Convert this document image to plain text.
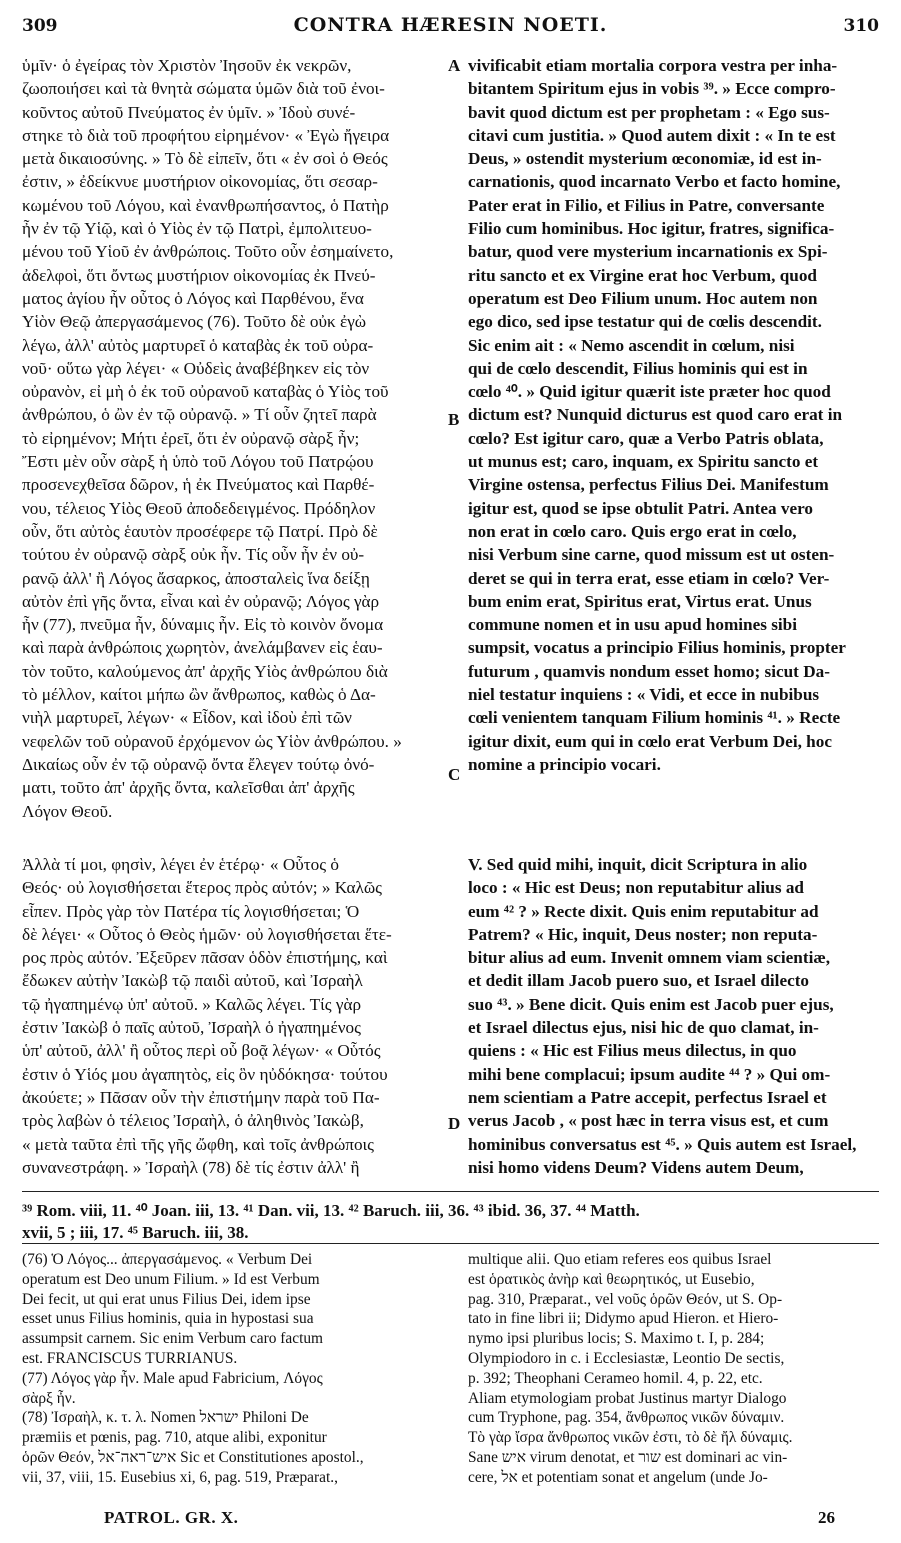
309	CONTRA HÆRESIN NOETI.	310
ὑμῖν· ὁ ἐγείρας τὸν Χριστὸν Ἰησοῦν ἐκ νεκρῶν,
ζωοποιήσει καὶ τὰ θνητὰ σώματα ὑμῶν διὰ τοῦ ἐνοι-
κοῦντος αὐτοῦ Πνεύματος ἐν ὑμῖν. » Ἰδοὺ συνέ-
στηκε τὸ διὰ τοῦ προφήτου εἰρημένον· « Ἐγὼ ἤγειρα
μετὰ δικαιοσύνης. » Τὸ δὲ εἰπεῖν, ὅτι « ἐν σοὶ ὁ Θεός
ἐστιν, » ἐδείκνυε μυστήριον οἰκονομίας, ὅτι σεσαρ-
κωμένου τοῦ Λόγου, καὶ ἐνανθρωπήσαντος, ὁ Πατὴρ
ἦν ἐν τῷ Υἱῷ, καὶ ὁ Υἱὸς ἐν τῷ Πατρὶ, ἐμπολιτευο-
μένου τοῦ Υἱοῦ ἐν ἀνθρώποις. Τοῦτο οὖν ἐσημαίνετο,
ἀδελφοὶ, ὅτι ὄντως μυστήριον οἰκονομίας ἐκ Πνεύ-
ματος ἁγίου ἦν οὗτος ὁ Λόγος καὶ Παρθένου, ἕνα
Υἱὸν Θεῷ ἀπεργασάμενος (76). Τοῦτο δὲ οὐκ ἐγὼ
λέγω, ἀλλ' αὐτὸς μαρτυρεῖ ὁ καταβὰς ἐκ τοῦ οὐρα-
νοῦ· οὕτω γὰρ λέγει· « Οὐδεὶς ἀναβέβηκεν εἰς τὸν
οὐρανὸν, εἰ μὴ ὁ ἐκ τοῦ οὐρανοῦ καταβὰς ὁ Υἱὸς τοῦ
ἀνθρώπου, ὁ ὢν ἐν τῷ οὐρανῷ. » Τί οὖν ζητεῖ παρὰ
τὸ εἰρημένον; Μήτι ἐρεῖ, ὅτι ἐν οὐρανῷ σὰρξ ἦν;
Ἔστι μὲν οὖν σὰρξ ἡ ὑπὸ τοῦ Λόγου τοῦ Πατρῴου
προσενεχθεῖσα δῶρον, ἡ ἐκ Πνεύματος καὶ Παρθέ-
νου, τέλειος Υἱὸς Θεοῦ ἀποδεδειγμένος. Πρόδηλον
οὖν, ὅτι αὐτὸς ἑαυτὸν προσέφερε τῷ Πατρί. Πρὸ δὲ
τούτου ἐν οὐρανῷ σὰρξ οὐκ ἦν. Τίς οὖν ἦν ἐν οὐ-
ρανῷ ἀλλ' ἢ Λόγος ἄσαρκος, ἀποσταλεὶς ἵνα δείξῃ
αὐτὸν ἐπὶ γῆς ὄντα, εἶναι καὶ ἐν οὐρανῷ; Λόγος γὰρ
ἦν (77), πνεῦμα ἦν, δύναμις ἦν. Εἰς τὸ κοινὸν ὄνομα
καὶ παρὰ ἀνθρώποις χωρητὸν, ἀνελάμβανεν εἰς ἑαυ-
τὸν τοῦτο, καλούμενος ἀπ' ἀρχῆς Υἱὸς ἀνθρώπου διὰ
τὸ μέλλον, καίτοι μήπω ὢν ἄνθρωπος, καθὼς ὁ Δα-
νιὴλ μαρτυρεῖ, λέγων· « Εἶδον, καὶ ἰδοὺ ἐπὶ τῶν
νεφελῶν τοῦ οὐρανοῦ ἐρχόμενον ὡς Υἱὸν ἀνθρώπου. »
Δικαίως οὖν ἐν τῷ οὐρανῷ ὄντα ἔλεγεν τούτῳ ὀνό-
ματι, τοῦτο ἀπ' ἀρχῆς ὄντα, καλεῖσθαι ἀπ' ἀρχῆς
Λόγον Θεοῦ.
vivificabit etiam mortalia corpora vestra per inha-
bitantem Spiritum ejus in vobis ³⁹. » Ecce compro-
bavit quod dictum est per prophetam : « Ego sus-
citavi cum justitia. » Quod autem dixit : « In te est
Deus, » ostendit mysterium œconomiæ, id est in-
carnationis, quod incarnato Verbo et facto homine,
Pater erat in Filio, et Filius in Patre, conversante
Filio cum hominibus. Hoc igitur, fratres, significa-
batur, quod vere mysterium incarnationis ex Spi-
ritu sancto et ex Virgine erat hoc Verbum, quod
operatum est Deo Filium unum. Hoc autem non
ego dico, sed ipse testatur qui de cœlis descendit.
Sic enim ait : « Nemo ascendit in cœlum, nisi
qui de cœlo descendit, Filius hominis qui est in
cœlo ⁴⁰. » Quid igitur quærit iste præter hoc quod
dictum est? Nunquid dicturus est quod caro erat in
cœlo? Est igitur caro, quæ a Verbo Patris oblata,
ut munus est; caro, inquam, ex Spiritu sancto et
Virgine ostensa, perfectus Filius Dei. Manifestum
igitur est, quod se ipse obtulit Patri. Antea vero
non erat in cœlo caro. Quis ergo erat in cœlo,
nisi Verbum sine carne, quod missum est ut osten-
deret se qui in terra erat, esse etiam in cœlo? Ver-
bum enim erat, Spiritus erat, Virtus erat. Unus
commune nomen et in usu apud homines sibi
sumpsit, vocatus a principio Filius hominis, propter
futurum , quamvis nondum esset homo; sicut Da-
niel testatur inquiens : « Vidi, et ecce in nubibus
cœli venientem tanquam Filium hominis ⁴¹. » Recte
igitur dixit, eum qui in cœlo erat Verbum Dei, hoc
nomine a principio vocari.
A
B
C
D
Ἀλλὰ τί μοι, φησὶν, λέγει ἐν ἑτέρῳ· « Οὗτος ὁ
Θεός· οὐ λογισθήσεται ἕτερος πρὸς αὐτόν; » Καλῶς
εἶπεν. Πρὸς γὰρ τὸν Πατέρα τίς λογισθήσεται; Ὁ
δὲ λέγει· « Οὗτος ὁ Θεὸς ἡμῶν· οὐ λογισθήσεται ἕτε-
ρος πρὸς αὐτόν. Ἐξεῦρεν πᾶσαν ὁδὸν ἐπιστήμης, καὶ
ἔδωκεν αὐτὴν Ἰακὼβ τῷ παιδὶ αὐτοῦ, καὶ Ἰσραὴλ
τῷ ἠγαπημένῳ ὑπ' αὐτοῦ. » Καλῶς λέγει. Τίς γὰρ
ἐστιν Ἰακὼβ ὁ παῖς αὐτοῦ, Ἰσραὴλ ὁ ἠγαπημένος
ὑπ' αὐτοῦ, ἀλλ' ἢ οὗτος περὶ οὗ βοᾷ λέγων· « Οὗτός
ἐστιν ὁ Υἱός μου ἀγαπητὸς, εἰς ὃν ηὐδόκησα· τούτου
ἀκούετε; » Πᾶσαν οὖν τὴν ἐπιστήμην παρὰ τοῦ Πα-
τρὸς λαβὼν ὁ τέλειος Ἰσραὴλ, ὁ ἀληθινὸς Ἰακὼβ,
« μετὰ ταῦτα ἐπὶ τῆς γῆς ὤφθη, καὶ τοῖς ἀνθρώποις
συνανεστράφη. » Ἰσραὴλ (78) δὲ τίς ἐστιν ἀλλ' ἢ
V. Sed quid mihi, inquit, dicit Scriptura in alio
loco : « Hic est Deus; non reputabitur alius ad
eum ⁴² ? » Recte dixit. Quis enim reputabitur ad
Patrem? « Hic, inquit, Deus noster; non reputa-
bitur alius ad eum. Invenit omnem viam scientiæ,
et dedit illam Jacob puero suo, et Israel dilecto
suo ⁴³. » Bene dicit. Quis enim est Jacob puer ejus,
et Israel dilectus ejus, nisi hic de quo clamat, in-
quiens : « Hic est Filius meus dilectus, in quo
mihi bene complacui; ipsum audite ⁴⁴ ? » Qui om-
nem scientiam a Patre accepit, perfectus Israel et
verus Jacob , « post hæc in terra visus est, et cum
hominibus conversatus est ⁴⁵. » Quis autem est Israel,
nisi homo videns Deum? Videns autem Deum,
³⁹ Rom. viii, 11. ⁴⁰ Joan. iii, 13. ⁴¹ Dan. vii, 13. ⁴² Baruch. iii, 36. ⁴³ ibid. 36, 37. ⁴⁴ Matth.
xvii, 5 ; iii, 17. ⁴⁵ Baruch. iii, 38.
(76) Ὁ Λόγος... ἀπεργασάμενος. « Verbum Dei
operatum est Deo unum Filium. » Id est Verbum
Dei fecit, ut qui erat unus Filius Dei, idem ipse
esset unus Filius hominis, quia in hypostasi sua
assumpsit carnem. Sic enim Verbum caro factum
est. FRANCISCUS TURRIANUS.
(77) Λόγος γὰρ ἦν. Male apud Fabricium, Λόγος
σὰρξ ἦν.
(78) Ἰσραὴλ, κ. τ. λ. Nomen ישראל Philoni De
præmiis et pœnis, pag. 710, atque alibi, exponitur
ὁρῶν Θεόν, איש־ראה־אל Sic et Constitutiones apostol.,
vii, 37, viii, 15. Eusebius xi, 6, pag. 519, Præparat.,
multique alii. Quo etiam referes eos quibus Israel
est ὁρατικὸς ἀνὴρ καὶ θεωρητικός, ut Eusebio,
pag. 310, Præparat., vel νοῦς ὁρῶν Θεόν, ut S. Op-
tato in fine libri ii; Didymo apud Hieron. et Hiero-
nymo ipsi pluribus locis; S. Maximo t. I, p. 284;
Olympiodoro in c. i Ecclesiastæ, Leontio De sectis,
p. 392; Theophani Cerameo homil. 4, p. 22, etc.
Aliam etymologiam probat Justinus martyr Dialogo
cum Tryphone, pag. 354, ἄνθρωπος νικῶν δύναμιν.
Τὸ γὰρ ἴσρα ἄνθρωπος νικῶν ἐστι, τὸ δὲ ἤλ δύναμις.
Sane איש virum denotat, et שור est dominari ac vin-
cere, אל et potentiam sonat et angelum (unde Jo-
PATROL. GR. X.	26
